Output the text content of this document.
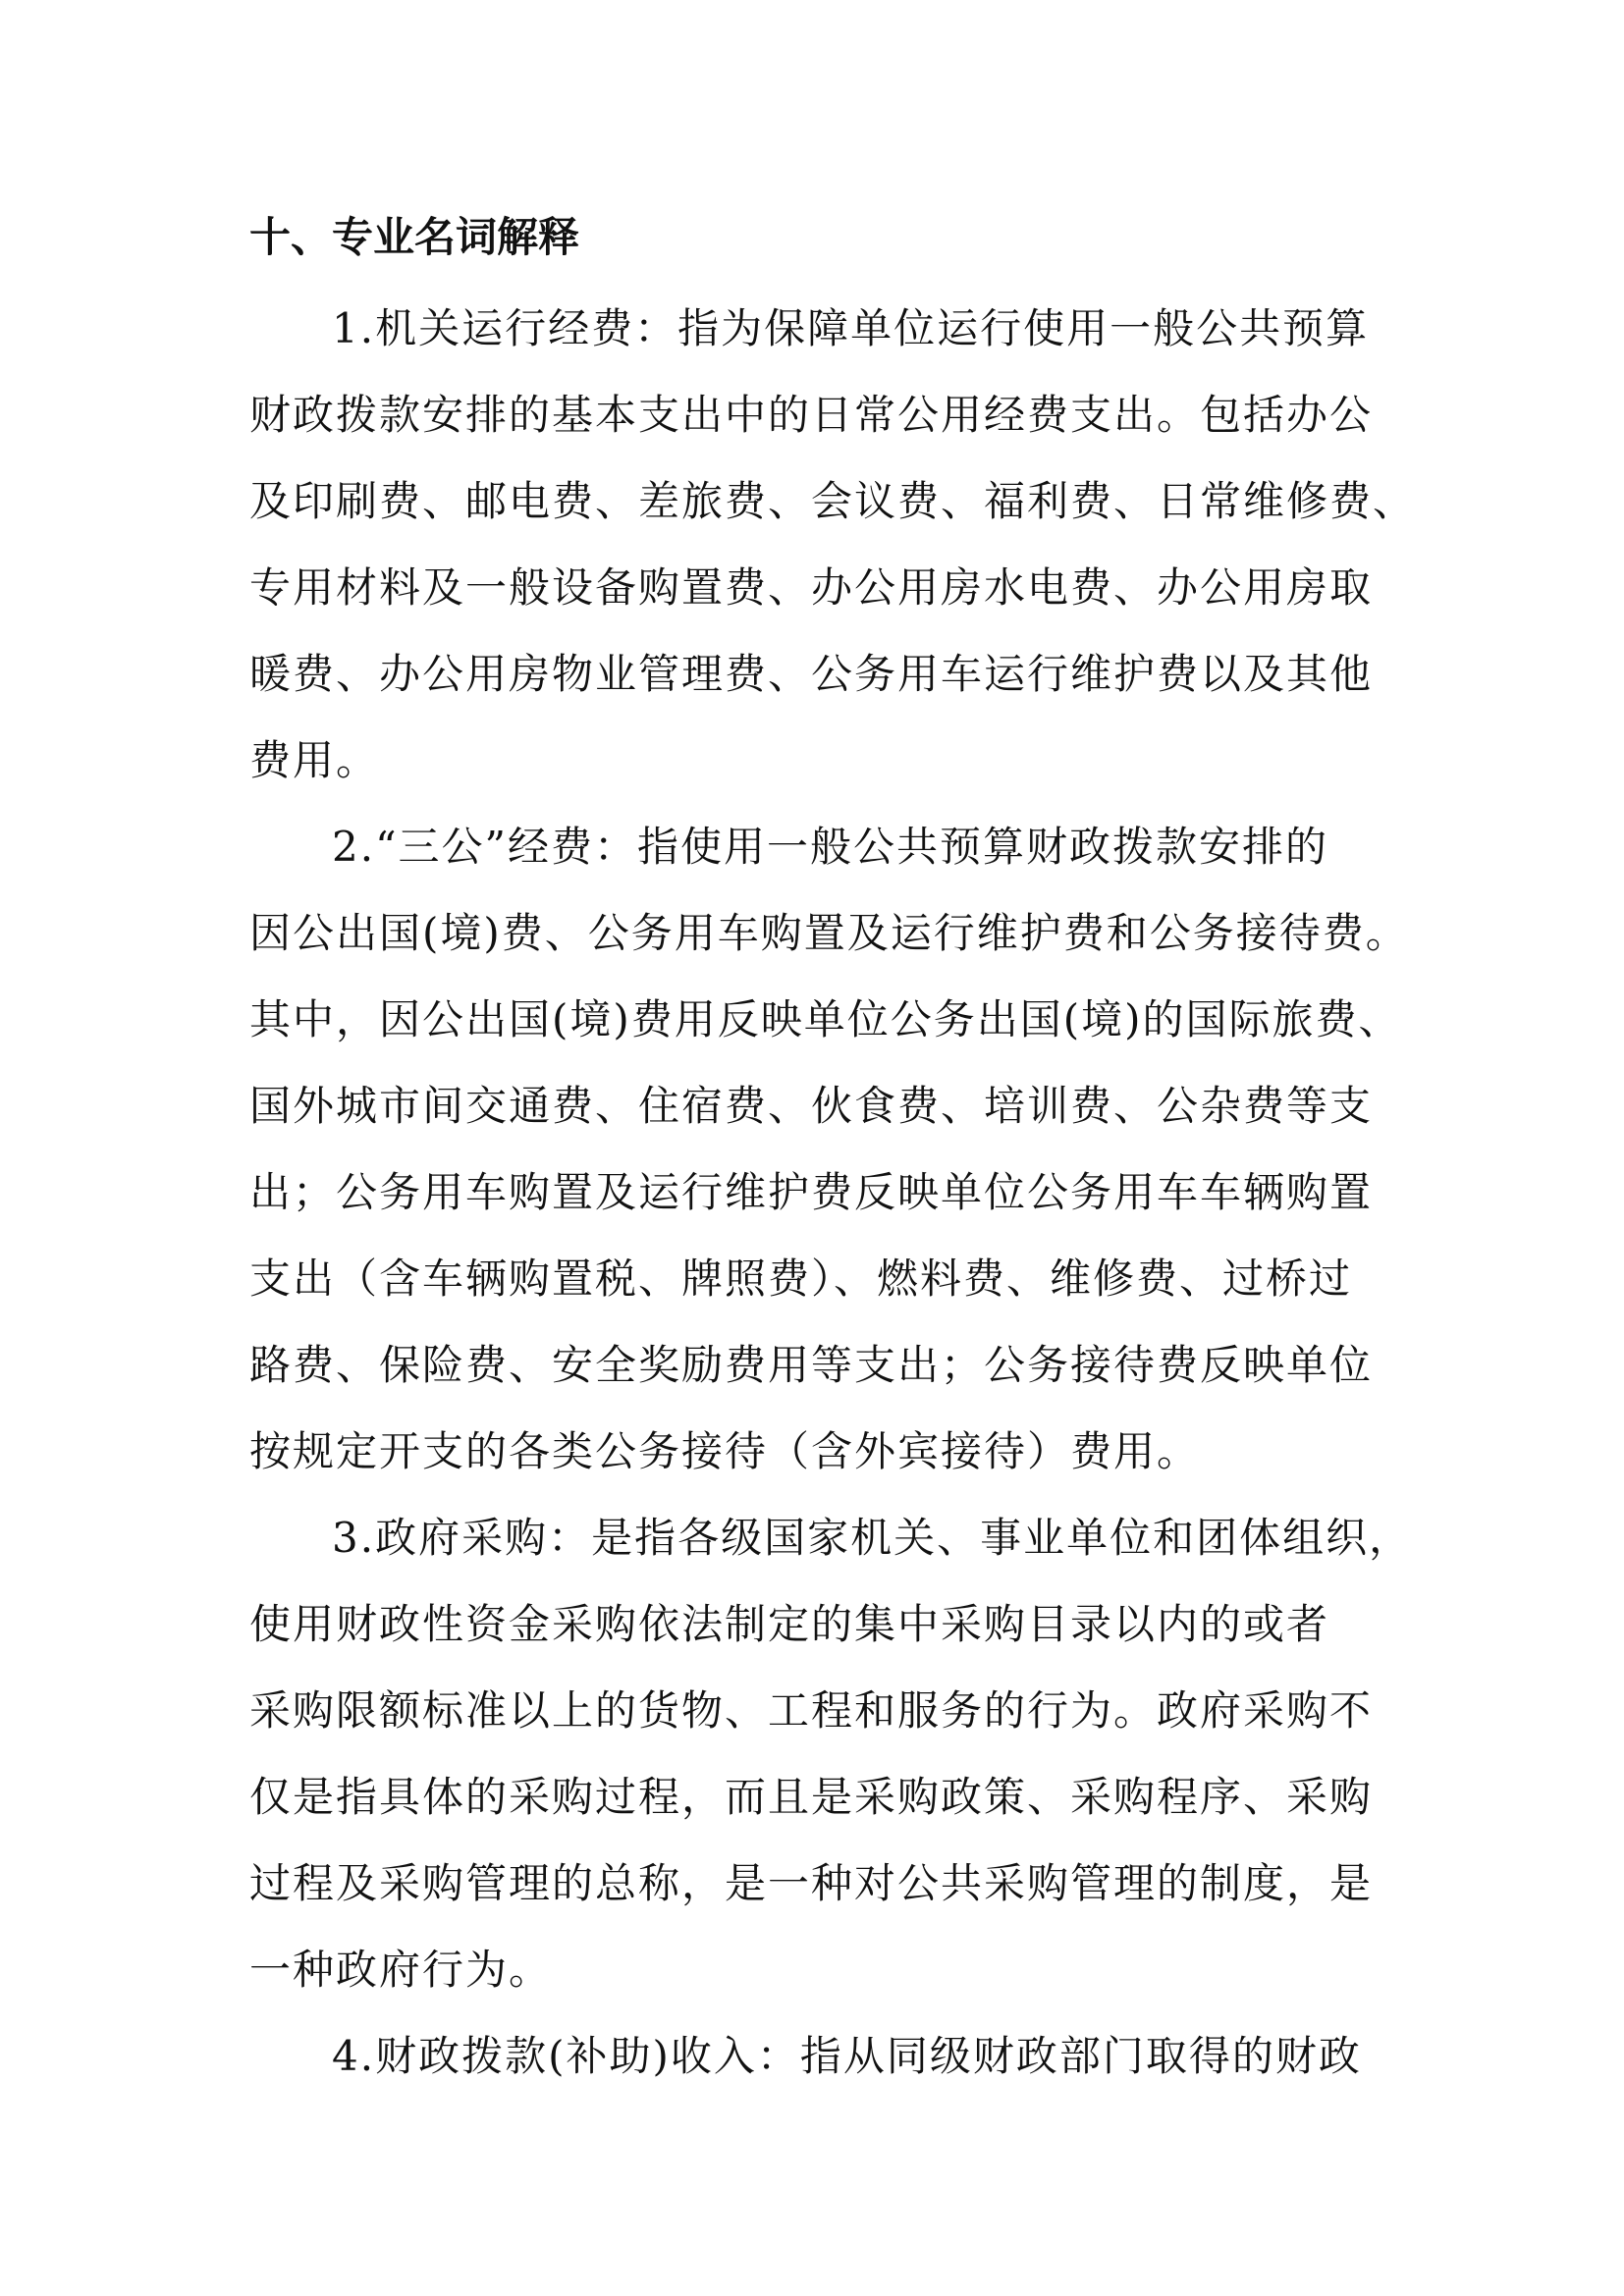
十、专业名词解释
1.机关运行经费：指为保障单位运行使用一般公共预算
财政拨款安排的基本支出中的日常公用经费支出。包括办公
及印刷费、邮电费、差旅费、会议费、福利费、日常维修费、
专用材料及一般设备购置费、办公用房水电费、办公用房取
暖费、办公用房物业管理费、公务用车运行维护费以及其他
费用。
2.“三公”经费：指使用一般公共预算财政拨款安排的
因公出国(境)费、公务用车购置及运行维护费和公务接待费。
其中，因公出国(境)费用反映单位公务出国(境)的国际旅费、
国外城市间交通费、住宿费、伙食费、培训费、公杂费等支
出；公务用车购置及运行维护费反映单位公务用车车辆购置
支出（含车辆购置税、牌照费）、燃料费、维修费、过桥过
路费、保险费、安全奖励费用等支出；公务接待费反映单位
按规定开支的各类公务接待（含外宾接待）费用。
3.政府采购：是指各级国家机关、事业单位和团体组织，
使用财政性资金采购依法制定的集中采购目录以内的或者
采购限额标准以上的货物、工程和服务的行为。政府采购不
仅是指具体的采购过程，而且是采购政策、采购程序、采购
过程及采购管理的总称，是一种对公共采购管理的制度，是
一种政府行为。
4.财政拨款(补助)收入：指从同级财政部门取得的财政
